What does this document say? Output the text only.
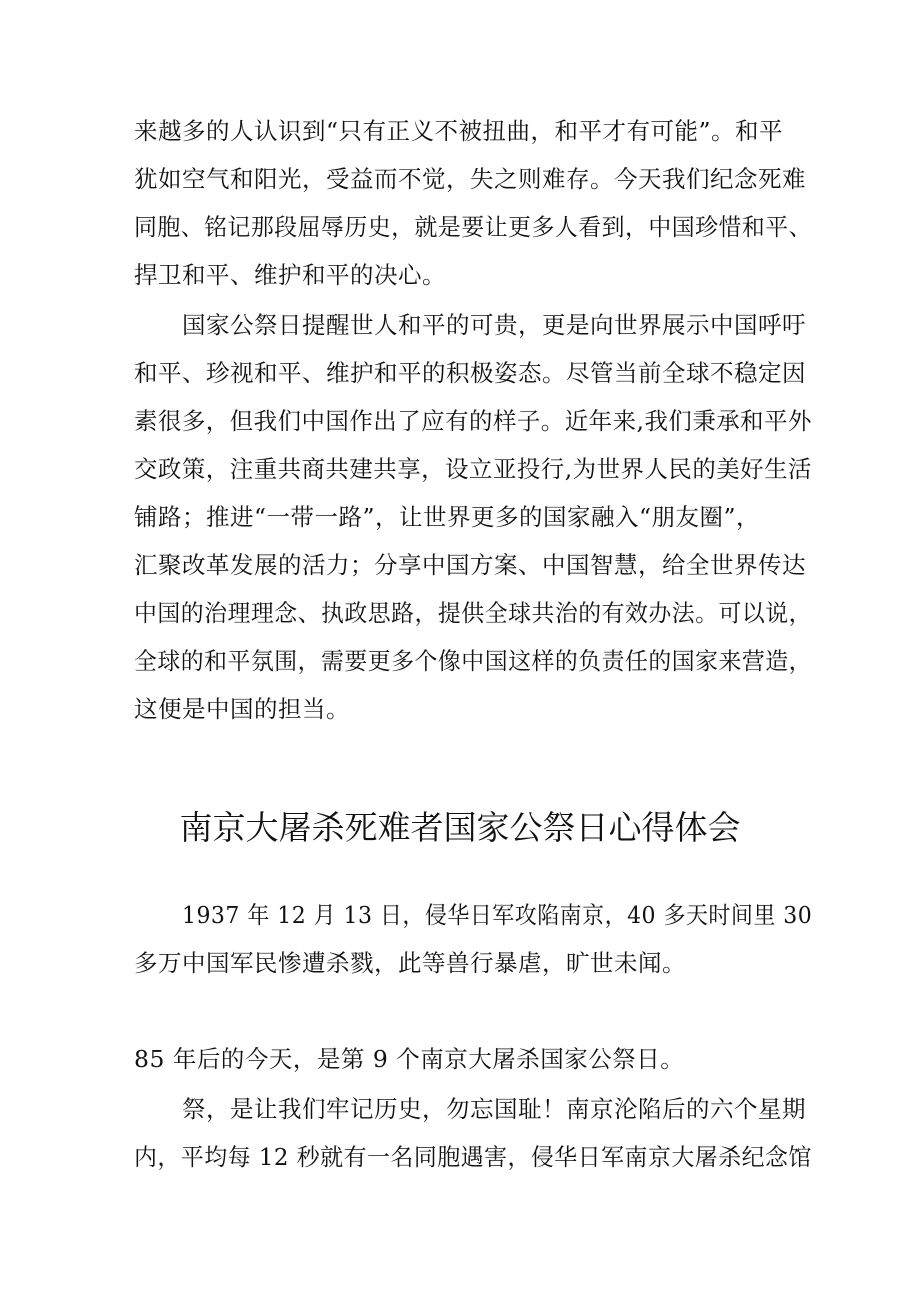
来越多的人认识到“只有正义不被扭曲，和平才有可能”。和平
犹如空气和阳光，受益而不觉，失之则难存。今天我们纪念死难
同胞、铭记那段屈辱历史，就是要让更多人看到，中国珍惜和平、
捍卫和平、维护和平的决心。
国家公祭日提醒世人和平的可贵，更是向世界展示中国呼吁
和平、珍视和平、维护和平的积极姿态。尽管当前全球不稳定因
素很多，但我们中国作出了应有的样子。近年来,我们秉承和平外
交政策，注重共商共建共享，设立亚投行,为世界人民的美好生活
铺路；推进“一带一路”，让世界更多的国家融入“朋友圈”，
汇聚改革发展的活力；分享中国方案、中国智慧，给全世界传达
中国的治理理念、执政思路，提供全球共治的有效办法。可以说，
全球的和平氛围，需要更多个像中国这样的负责任的国家来营造，
这便是中国的担当。
南京大屠杀死难者国家公祭日心得体会
1937 年 12 月 13 日，侵华日军攻陷南京，40 多天时间里 30
多万中国军民惨遭杀戮，此等兽行暴虐，旷世未闻。
85 年后的今天，是第 9 个南京大屠杀国家公祭日。
祭，是让我们牢记历史，勿忘国耻！南京沦陷后的六个星期
内，平均每 12 秒就有一名同胞遇害，侵华日军南京大屠杀纪念馆
